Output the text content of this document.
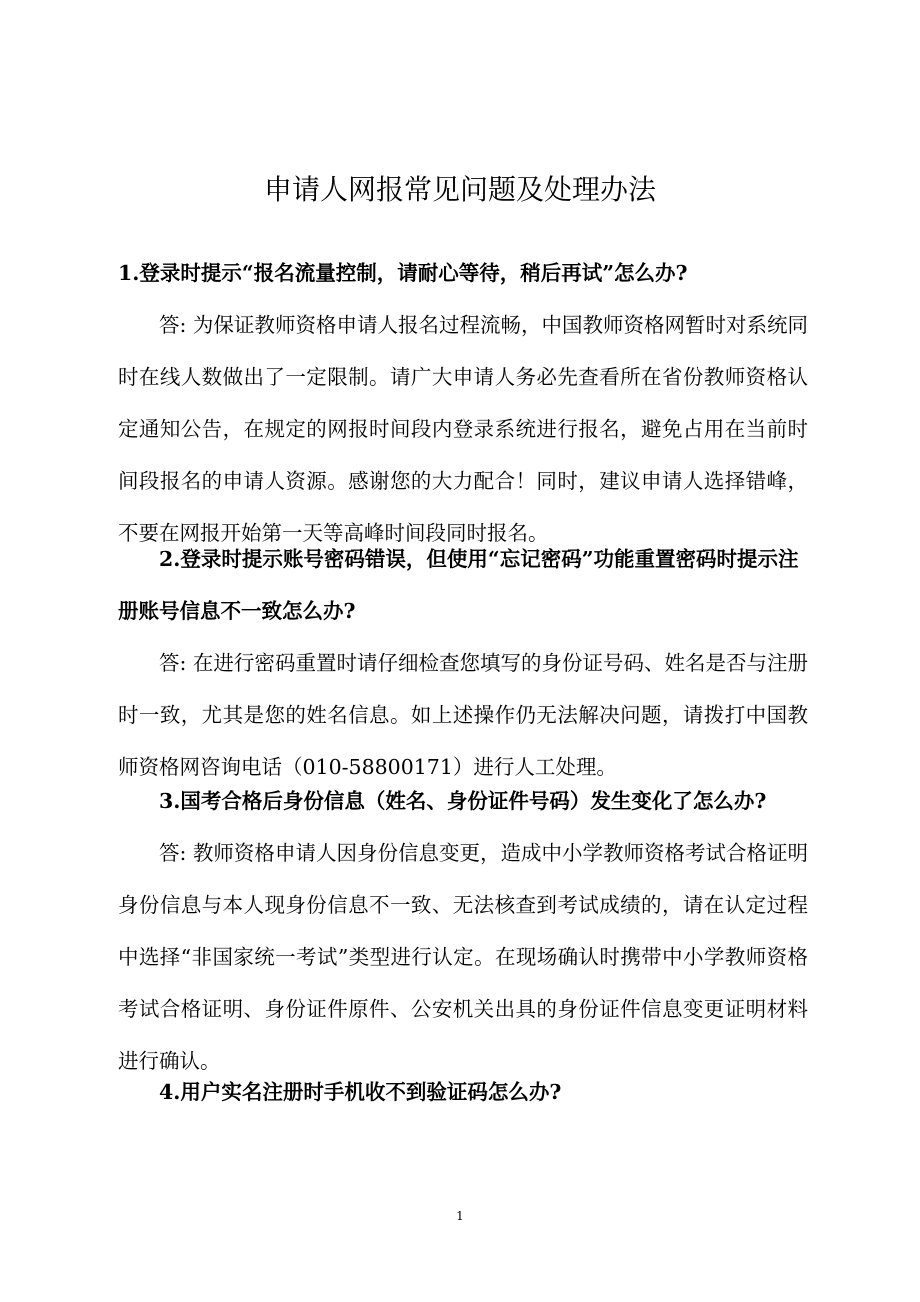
申请人网报常见问题及处理办法

1.登录时提示“报名流量控制，请耐心等待，稍后再试”怎么办?

答: 为保证教师资格申请人报名过程流畅，中国教师资格网暂时对系统同时在线人数做出了一定限制。请广大申请人务必先查看所在省份教师资格认定通知公告，在规定的网报时间段内登录系统进行报名，避免占用在当前时间段报名的申请人资源。感谢您的大力配合！同时，建议申请人选择错峰，不要在网报开始第一天等高峰时间段同时报名。

2.登录时提示账号密码错误，但使用“忘记密码”功能重置密码时提示注册账号信息不一致怎么办?

答: 在进行密码重置时请仔细检查您填写的身份证号码、姓名是否与注册时一致，尤其是您的姓名信息。如上述操作仍无法解决问题，请拨打中国教师资格网咨询电话（010-58800171）进行人工处理。

3.国考合格后身份信息（姓名、身份证件号码）发生变化了怎么办?

答: 教师资格申请人因身份信息变更，造成中小学教师资格考试合格证明身份信息与本人现身份信息不一致、无法核查到考试成绩的，请在认定过程中选择“非国家统一考试”类型进行认定。在现场确认时携带中小学教师资格考试合格证明、身份证件原件、公安机关出具的身份证件信息变更证明材料进行确认。

4.用户实名注册时手机收不到验证码怎么办?

1
